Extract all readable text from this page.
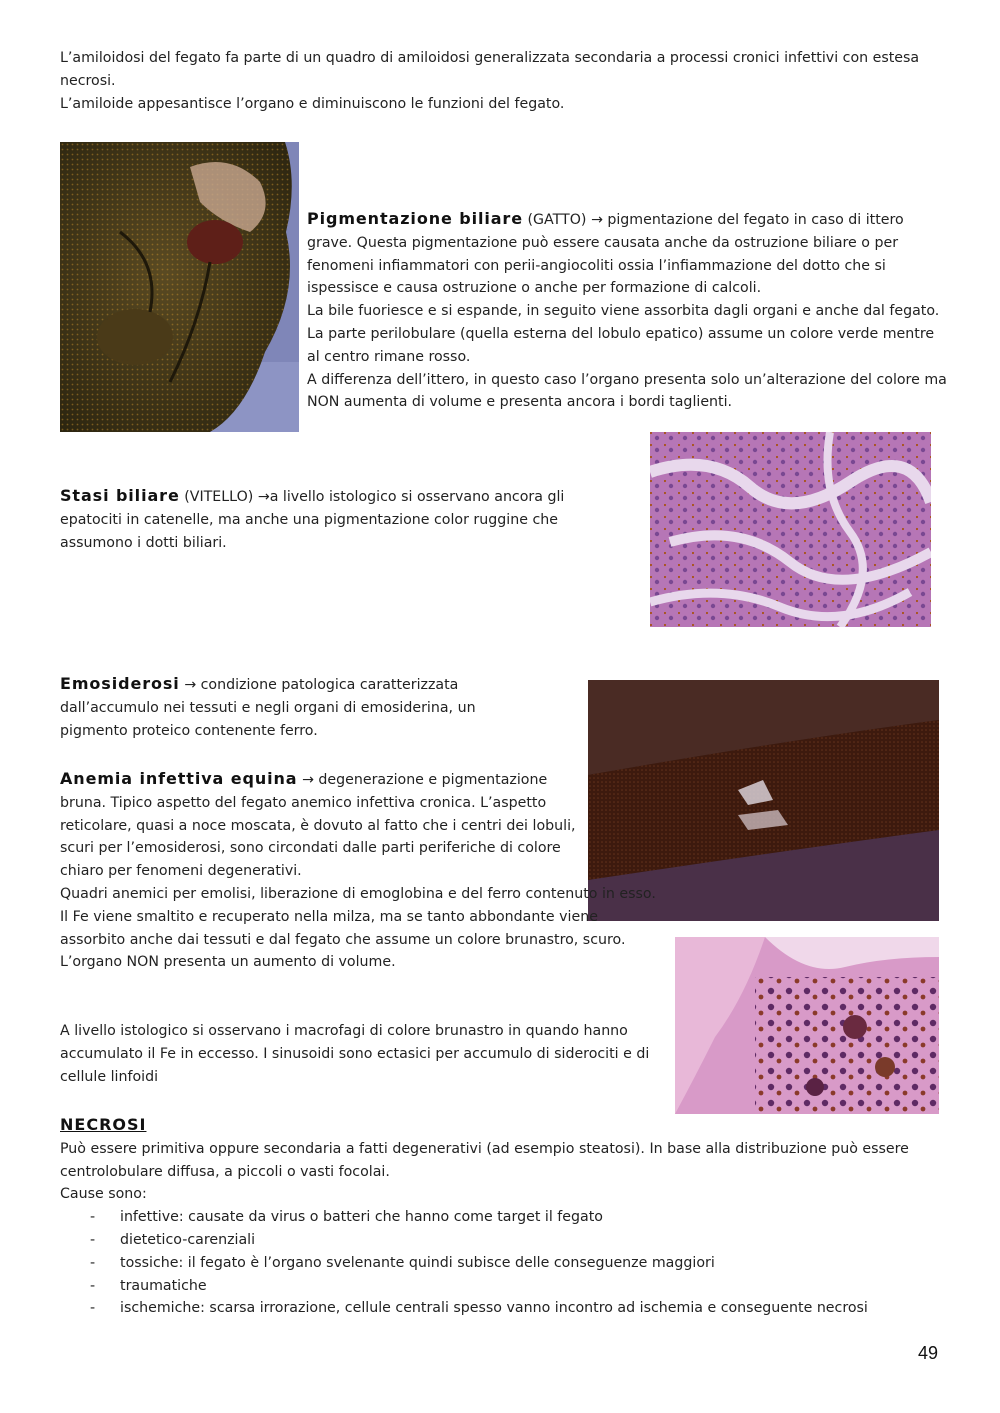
L’amiloidosi del fegato fa parte di un quadro di amiloidosi generalizzata secondaria a processi cronici infettivi con estesa necrosi.

L’amiloide appesantisce l’organo e diminuiscono le funzioni del fegato.

Pigmentazione biliare (GATTO) → pigmentazione del fegato in caso di ittero grave. Questa pigmentazione può essere causata anche da ostruzione biliare o per fenomeni infiammatori con perii-angiocoliti ossia l’infiammazione del dotto che si ispessisce e causa ostruzione o anche per formazione di calcoli.

La bile fuoriesce e si espande, in seguito viene assorbita dagli organi e anche dal fegato. La parte perilobulare (quella esterna del lobulo epatico) assume un colore verde mentre al centro rimane rosso.

A differenza dell’ittero, in questo caso l’organo presenta solo un’alterazione del colore ma NON aumenta di volume e presenta ancora i bordi taglienti.

Stasi biliare (VITELLO) →a livello istologico si osservano ancora gli epatociti in catenelle, ma anche una pigmentazione color ruggine che assumono i dotti biliari.

Emosiderosi → condizione patologica caratterizzata dall’accumulo nei tessuti e negli organi di emosiderina, un pigmento proteico contenente ferro.

Anemia infettiva equina → degenerazione e pigmentazione bruna. Tipico aspetto del fegato anemico infettiva cronica. L’aspetto reticolare, quasi a noce moscata, è dovuto al fatto che i centri dei lobuli, scuri per l’emosiderosi, sono circondati dalle parti periferiche di colore chiaro per fenomeni degenerativi.

Quadri anemici per emolisi, liberazione di emoglobina e del ferro contenuto in esso. Il Fe viene smaltito e recuperato nella milza, ma se tanto abbondante viene assorbito anche dai tessuti e dal fegato che assume un colore brunastro, scuro. L’organo NON presenta un aumento di volume.

A livello istologico si osservano i macrofagi di colore brunastro in quando hanno accumulato il Fe in eccesso. I sinusoidi sono ectasici per accumulo di siderociti e di cellule linfoidi

NECROSI

Può essere primitiva oppure secondaria a fatti degenerativi (ad esempio steatosi). In base alla distribuzione può essere centrolobulare diffusa, a piccoli o vasti focolai.

Cause sono:

- infettive: causate da virus o batteri che hanno come target il fegato
- dietetico-carenziali
- tossiche: il fegato è l’organo svelenante quindi subisce delle conseguenze maggiori
- traumatiche
- ischemiche: scarsa irrorazione, cellule centrali spesso vanno incontro ad ischemia e conseguente necrosi
49
